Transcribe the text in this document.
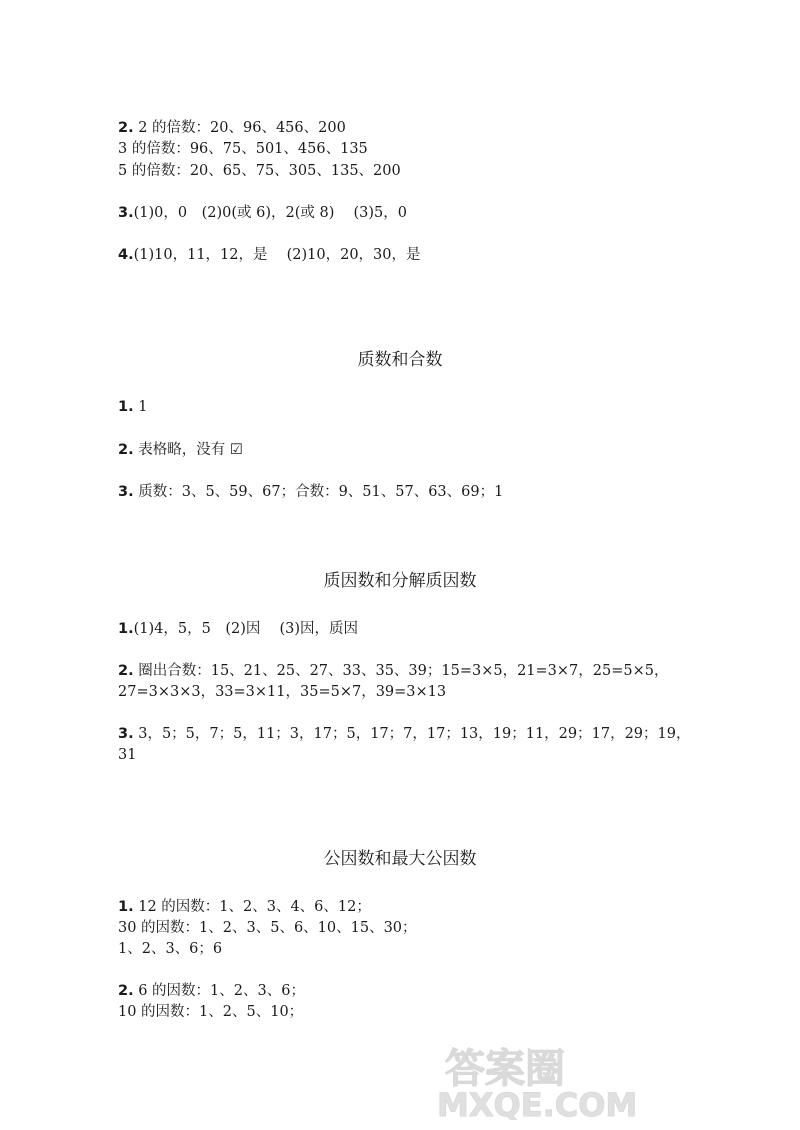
2. 2 的倍数：20、96、456、200
3 的倍数：96、75、501、456、135
5 的倍数：20、65、75、305、135、200
3.(1)0，0　(2)0(或 6)，2(或 8)　 (3)5，0
4.(1)10，11，12，是　 (2)10，20，30，是
质数和合数
1. 1
2. 表格略，没有 ☑
3. 质数：3、5、59、67；合数：9、51、57、63、69；1
质因数和分解质因数
1.(1)4，5，5　(2)因　 (3)因，质因
2. 圈出合数：15、21、25、27、33、35、39；15=3×5，21=3×7，25=5×5，
27=3×3×3，33=3×11，35=5×7，39=3×13
3. 3，5；5，7；5，11；3，17；5，17；7，17；13，19；11，29；17，29；19，
31
公因数和最大公因数
1. 12 的因数：1、2、3、4、6、12；
30 的因数：1、2、3、5、6、10、15、30；
1、2、3、6；6
2. 6 的因数：1、2、3、6；
10 的因数：1、2、5、10；
答案圈
MXQE.COM
